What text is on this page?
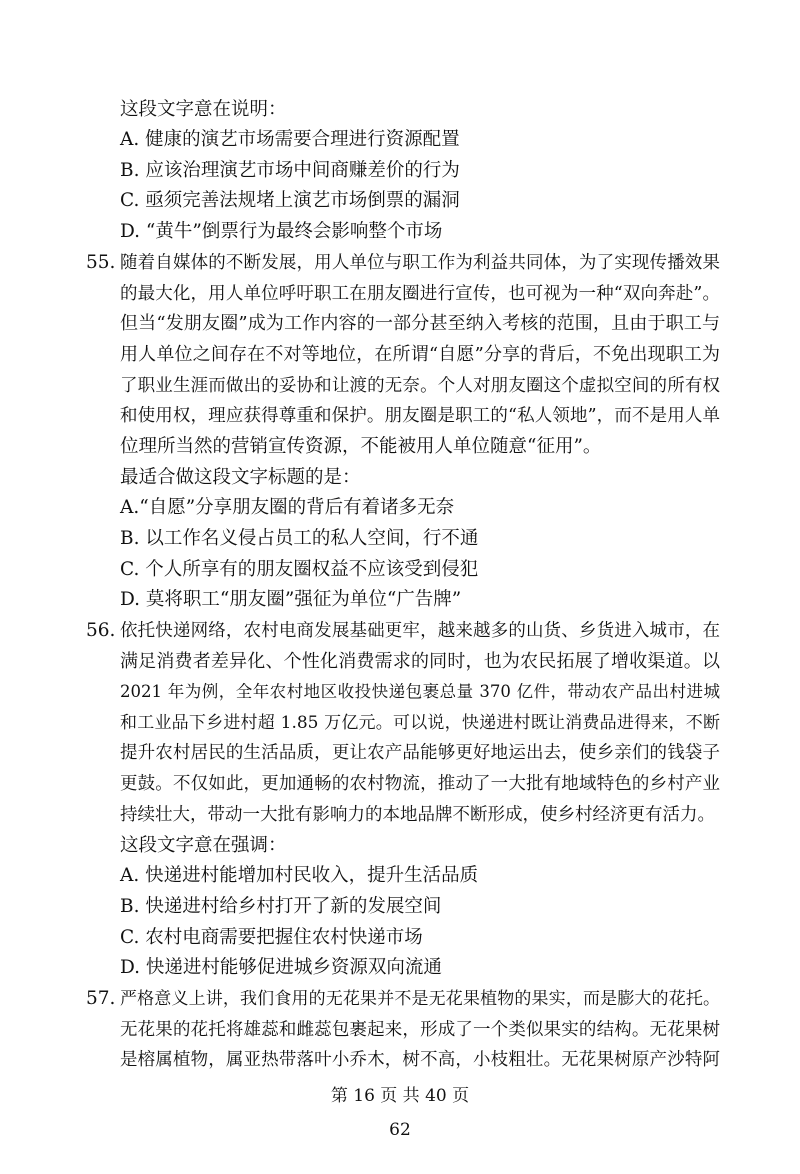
这段文字意在说明：
A. 健康的演艺市场需要合理进行资源配置
B. 应该治理演艺市场中间商赚差价的行为
C. 亟须完善法规堵上演艺市场倒票的漏洞
D. “黄牛”倒票行为最终会影响整个市场
55. 随着自媒体的不断发展，用人单位与职工作为利益共同体，为了实现传播效果
的最大化，用人单位呼吁职工在朋友圈进行宣传，也可视为一种“双向奔赴”。
但当“发朋友圈”成为工作内容的一部分甚至纳入考核的范围，且由于职工与
用人单位之间存在不对等地位，在所谓“自愿”分享的背后，不免出现职工为
了职业生涯而做出的妥协和让渡的无奈。个人对朋友圈这个虚拟空间的所有权
和使用权，理应获得尊重和保护。朋友圈是职工的“私人领地”，而不是用人单
位理所当然的营销宣传资源，不能被用人单位随意“征用”。
最适合做这段文字标题的是：
A.“自愿”分享朋友圈的背后有着诸多无奈
B. 以工作名义侵占员工的私人空间，行不通
C. 个人所享有的朋友圈权益不应该受到侵犯
D. 莫将职工“朋友圈”强征为单位“广告牌”
56. 依托快递网络，农村电商发展基础更牢，越来越多的山货、乡货进入城市，在
满足消费者差异化、个性化消费需求的同时，也为农民拓展了增收渠道。以
2021 年为例，全年农村地区收投快递包裹总量 370 亿件，带动农产品出村进城
和工业品下乡进村超 1.85 万亿元。可以说，快递进村既让消费品进得来，不断
提升农村居民的生活品质，更让农产品能够更好地运出去，使乡亲们的钱袋子
更鼓。不仅如此，更加通畅的农村物流，推动了一大批有地域特色的乡村产业
持续壮大，带动一大批有影响力的本地品牌不断形成，使乡村经济更有活力。
这段文字意在强调：
A. 快递进村能增加村民收入，提升生活品质
B. 快递进村给乡村打开了新的发展空间
C. 农村电商需要把握住农村快递市场
D. 快递进村能够促进城乡资源双向流通
57. 严格意义上讲，我们食用的无花果并不是无花果植物的果实，而是膨大的花托。
无花果的花托将雄蕊和雌蕊包裹起来，形成了一个类似果实的结构。无花果树
是榕属植物，属亚热带落叶小乔木，树不高，小枝粗壮。无花果树原产沙特阿
第 16 页 共 40 页
62
